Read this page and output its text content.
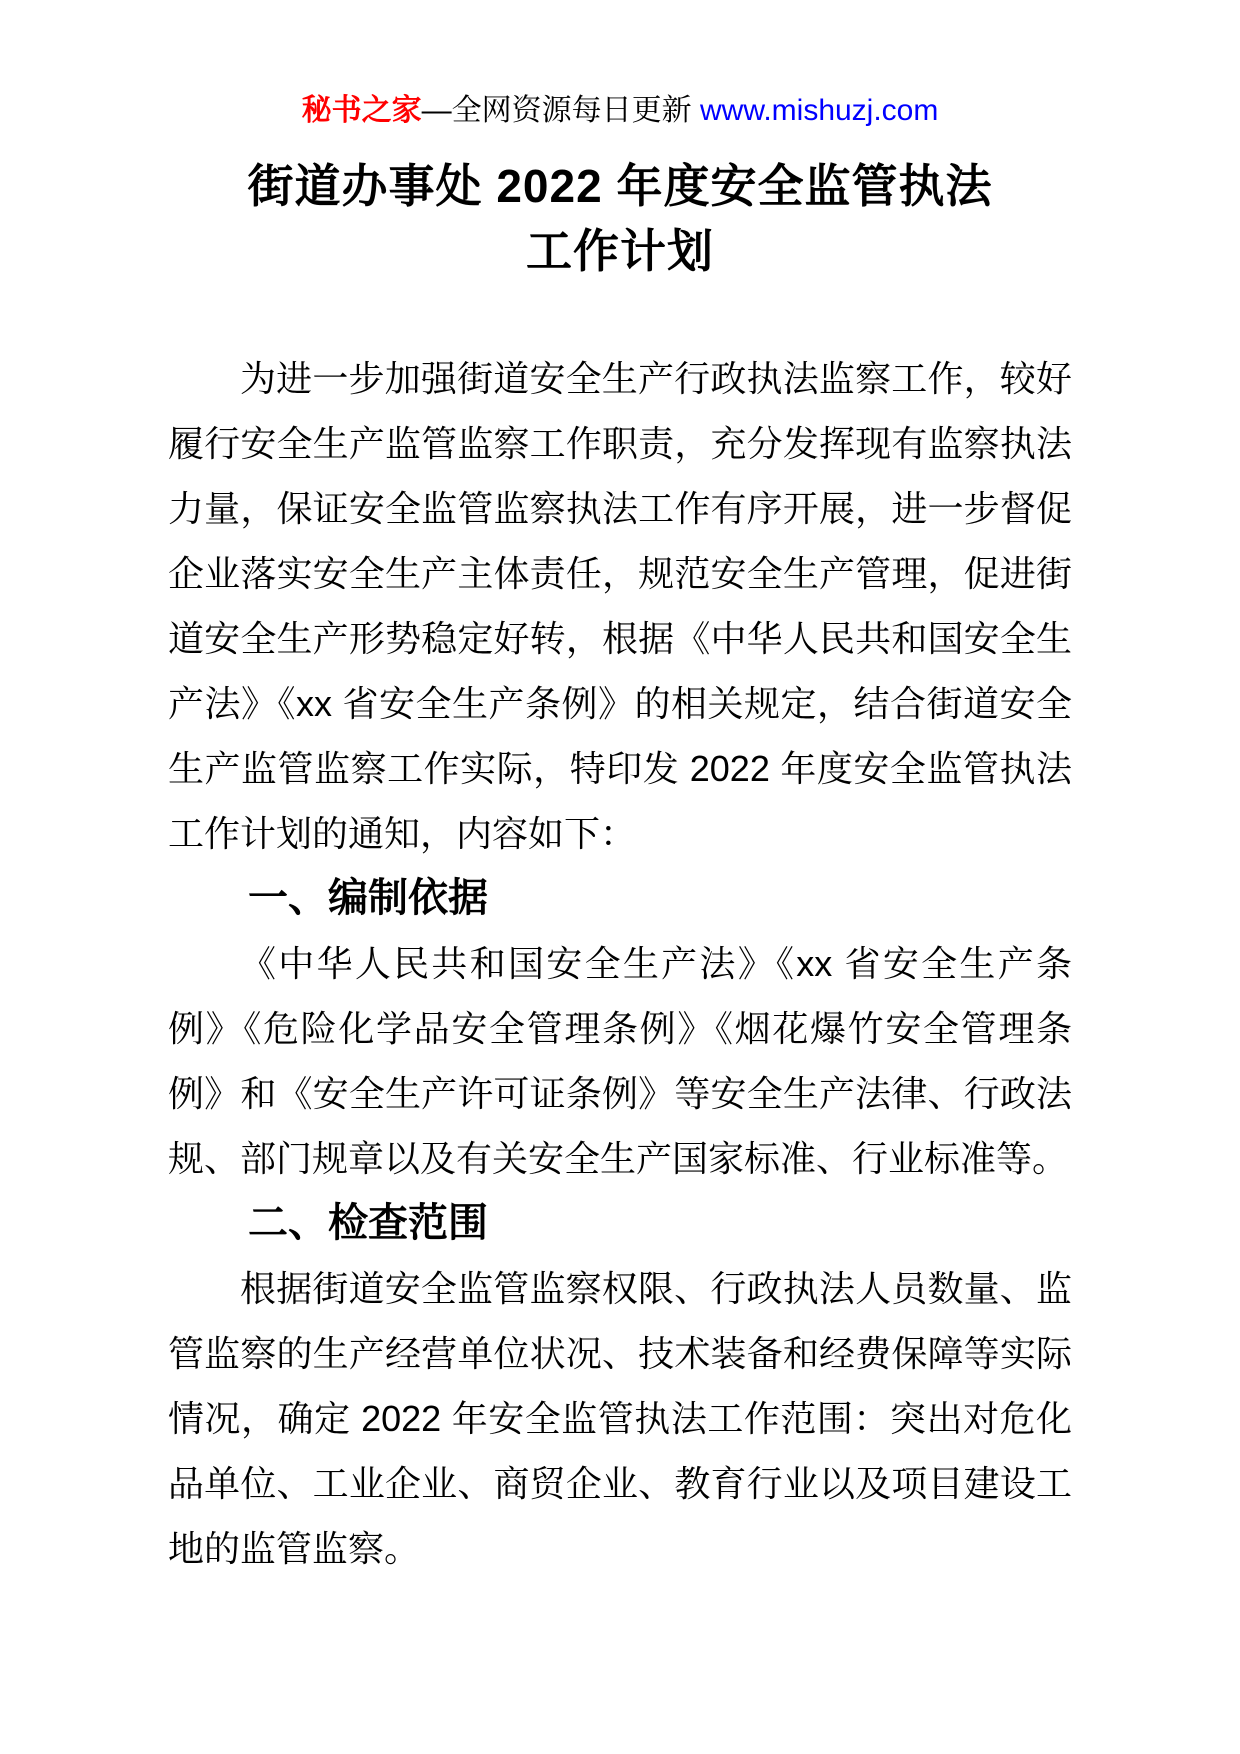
秘书之家—全网资源每日更新 www.mishuzj.com
街道办事处 2022 年度安全监管执法
工作计划

为进一步加强街道安全生产行政执法监察工作，较好履行安全生产监管监察工作职责，充分发挥现有监察执法力量，保证安全监管监察执法工作有序开展，进一步督促企业落实安全生产主体责任，规范安全生产管理，促进街道安全生产形势稳定好转，根据《中华人民共和国安全生产法》《xx 省安全生产条例》的相关规定，结合街道安全生产监管监察工作实际，特印发 2022 年度安全监管执法工作计划的通知，内容如下：

一、编制依据

《中华人民共和国安全生产法》《xx 省安全生产条例》《危险化学品安全管理条例》《烟花爆竹安全管理条例》和《安全生产许可证条例》等安全生产法律、行政法规、部门规章以及有关安全生产国家标准、行业标准等。

二、检查范围

根据街道安全监管监察权限、行政执法人员数量、监管监察的生产经营单位状况、技术装备和经费保障等实际情况，确定 2022 年安全监管执法工作范围：突出对危化品单位、工业企业、商贸企业、教育行业以及项目建设工地的监管监察。
